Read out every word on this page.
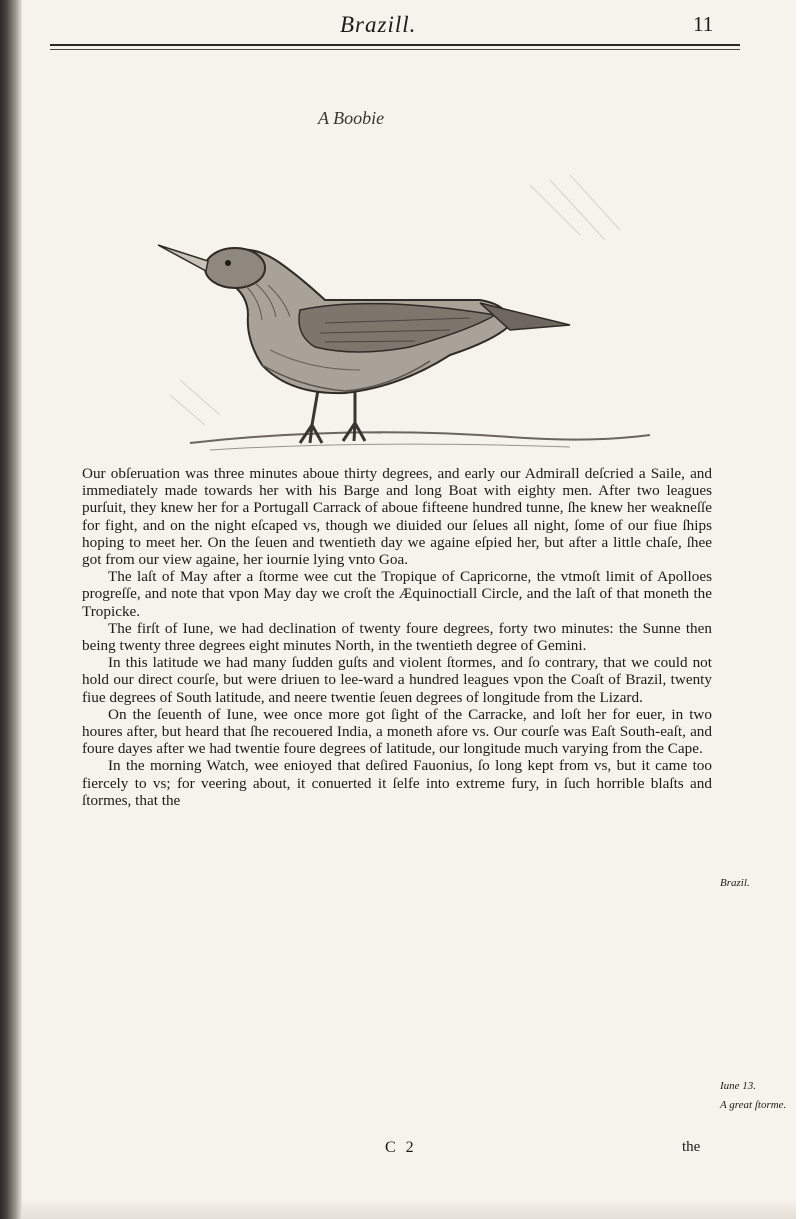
Brazill.	11
A Boobie

Our obſeruation was three minutes aboue thirty degrees, and early our Admirall deſcried a Saile, and immediately made towards her with his Barge and long Boat with eighty men. After two leagues purſuit, they knew her for a Portugall Carrack of aboue fifteene hundred tunne, ſhe knew her weakneſſe for fight, and on the night eſcaped vs, though we diuided our ſelues all night, ſome of our fiue ſhips hoping to meet her. On the ſeuen and twentieth day we againe eſpied her, but after a little chaſe, ſhee got from our view againe, her iournie lying vnto Goa.

The laſt of May after a ſtorme wee cut the Tropique of Capricorne, the vtmoſt limit of Apolloes progreſſe, and note that vpon May day we croſt the Æquinoctiall Circle, and the laſt of that moneth the Tropicke.

The firſt of Iune, we had declination of twenty foure degrees, forty two minutes: the Sunne then being twenty three degrees eight minutes North, in the twentieth degree of Gemini.

In this latitude we had many ſudden guſts and violent ſtormes, and ſo contrary, that we could not hold our direct courſe, but were driuen to lee-ward a hundred leagues vpon the Coaſt of Brazil, twenty fiue degrees of South latitude, and neere twentie ſeuen degrees of longitude from the Lizard.

On the ſeuenth of Iune, wee once more got ſight of the Carracke, and loſt her for euer, in two houres after, but heard that ſhe recouered India, a moneth afore vs. Our courſe was Eaſt South-eaſt, and foure dayes after we had twentie foure degrees of latitude, our longitude much varying from the Cape.

In the morning Watch, wee enioyed that deſired Fauonius, ſo long kept from vs, but it came too fiercely to vs; for veering about, it conuerted it ſelfe into extreme fury, in ſuch horrible blaſts and ſtormes, that the

Brazil.
Iune 13.
A great ſtorme.
C 2	the
